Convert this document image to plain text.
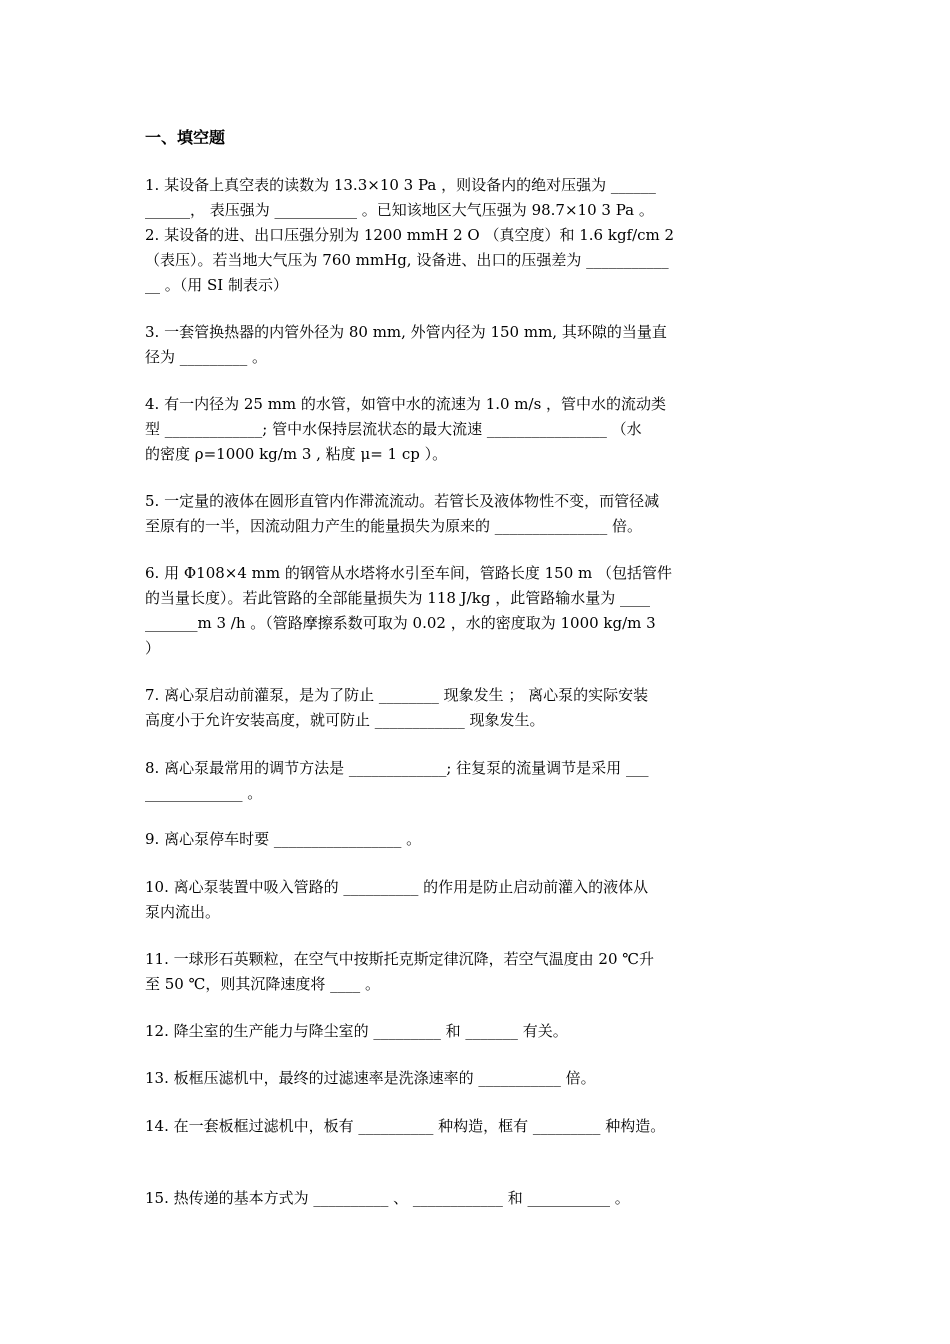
一、填空题
1. 某设备上真空表的读数为 13.3×10 3 Pa ，则设备内的绝对压强为 ______
______， 表压强为 ___________ 。已知该地区大气压强为 98.7×10 3 Pa 。
2. 某设备的进、出口压强分别为 1200 mmH 2 O （真空度）和 1.6 kgf/cm 2
（表压）。若当地大气压为 760 mmHg, 设备进、出口的压强差为 ___________
__ 。（用 SI 制表示）
3. 一套管换热器的内管外径为 80 mm, 外管内径为 150 mm, 其环隙的当量直
径为 _________ 。
4. 有一内径为 25 mm 的水管，如管中水的流速为 1.0 m/s ，管中水的流动类
型 _____________; 管中水保持层流状态的最大流速 ________________ （水
的密度 ρ=1000 kg/m 3 , 粘度 μ= 1 cp ）。
5. 一定量的液体在圆形直管内作滞流流动。若管长及液体物性不变，而管径减
至原有的一半，因流动阻力产生的能量损失为原来的 _______________ 倍。
6. 用 Φ108×4 mm 的钢管从水塔将水引至车间，管路长度 150 m （包括管件
的当量长度）。若此管路的全部能量损失为 118 J/kg ，此管路输水量为 ____
_______m 3 /h 。（管路摩擦系数可取为 0.02 ，水的密度取为 1000 kg/m 3
）
7. 离心泵启动前灌泵，是为了防止 ________ 现象发生 ； 离心泵的实际安装
高度小于允许安装高度，就可防止 ____________ 现象发生。
8. 离心泵最常用的调节方法是 _____________; 往复泵的流量调节是采用 ___
_____________ 。
9. 离心泵停车时要 _________________ 。
10. 离心泵装置中吸入管路的 __________ 的作用是防止启动前灌入的液体从
泵内流出。
11. 一球形石英颗粒，在空气中按斯托克斯定律沉降，若空气温度由 20 ℃升
至 50 ℃，则其沉降速度将 ____ 。
12. 降尘室的生产能力与降尘室的 _________ 和 _______ 有关。
13. 板框压滤机中，最终的过滤速率是洗涤速率的 ___________ 倍。
14. 在一套板框过滤机中，板有 __________ 种构造，框有 _________ 种构造。
15. 热传递的基本方式为 __________ 、 ____________ 和 ___________ 。
